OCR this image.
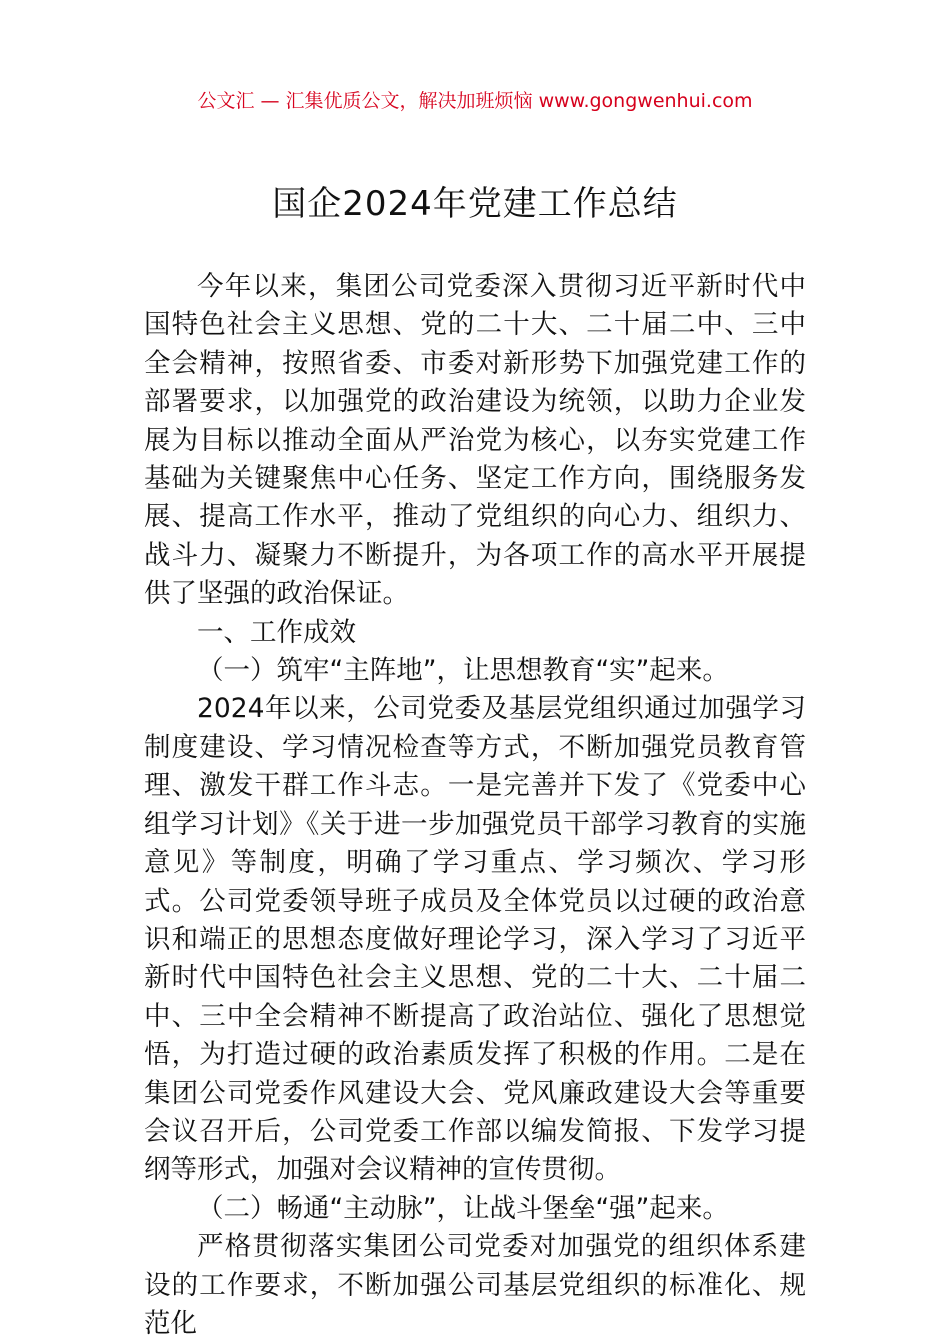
公文汇 — 汇集优质公文，解决加班烦恼 www.gongwenhui.com
国企2024年党建工作总结

今年以来，集团公司党委深入贯彻习近平新时代中国特色社会主义思想、党的二十大、二十届二中、三中全会精神，按照省委、市委对新形势下加强党建工作的部署要求，以加强党的政治建设为统领，以助力企业发展为目标以推动全面从严治党为核心，以夯实党建工作基础为关键聚焦中心任务、坚定工作方向，围绕服务发展、提高工作水平，推动了党组织的向心力、组织力、战斗力、凝聚力不断提升，为各项工作的高水平开展提供了坚强的政治保证。

一、工作成效

（一）筑牢“主阵地”，让思想教育“实”起来。

2024年以来，公司党委及基层党组织通过加强学习制度建设、学习情况检查等方式，不断加强党员教育管理、激发干群工作斗志。一是完善并下发了《党委中心组学习计划》《关于进一步加强党员干部学习教育的实施意见》等制度，明确了学习重点、学习频次、学习形式。公司党委领导班子成员及全体党员以过硬的政治意识和端正的思想态度做好理论学习，深入学习了习近平新时代中国特色社会主义思想、党的二十大、二十届二中、三中全会精神不断提高了政治站位、强化了思想觉悟，为打造过硬的政治素质发挥了积极的作用。二是在集团公司党委作风建设大会、党风廉政建设大会等重要会议召开后，公司党委工作部以编发简报、下发学习提纲等形式，加强对会议精神的宣传贯彻。

（二）畅通“主动脉”，让战斗堡垒“强”起来。

严格贯彻落实集团公司党委对加强党的组织体系建设的工作要求，不断加强公司基层党组织的标准化、规范化
